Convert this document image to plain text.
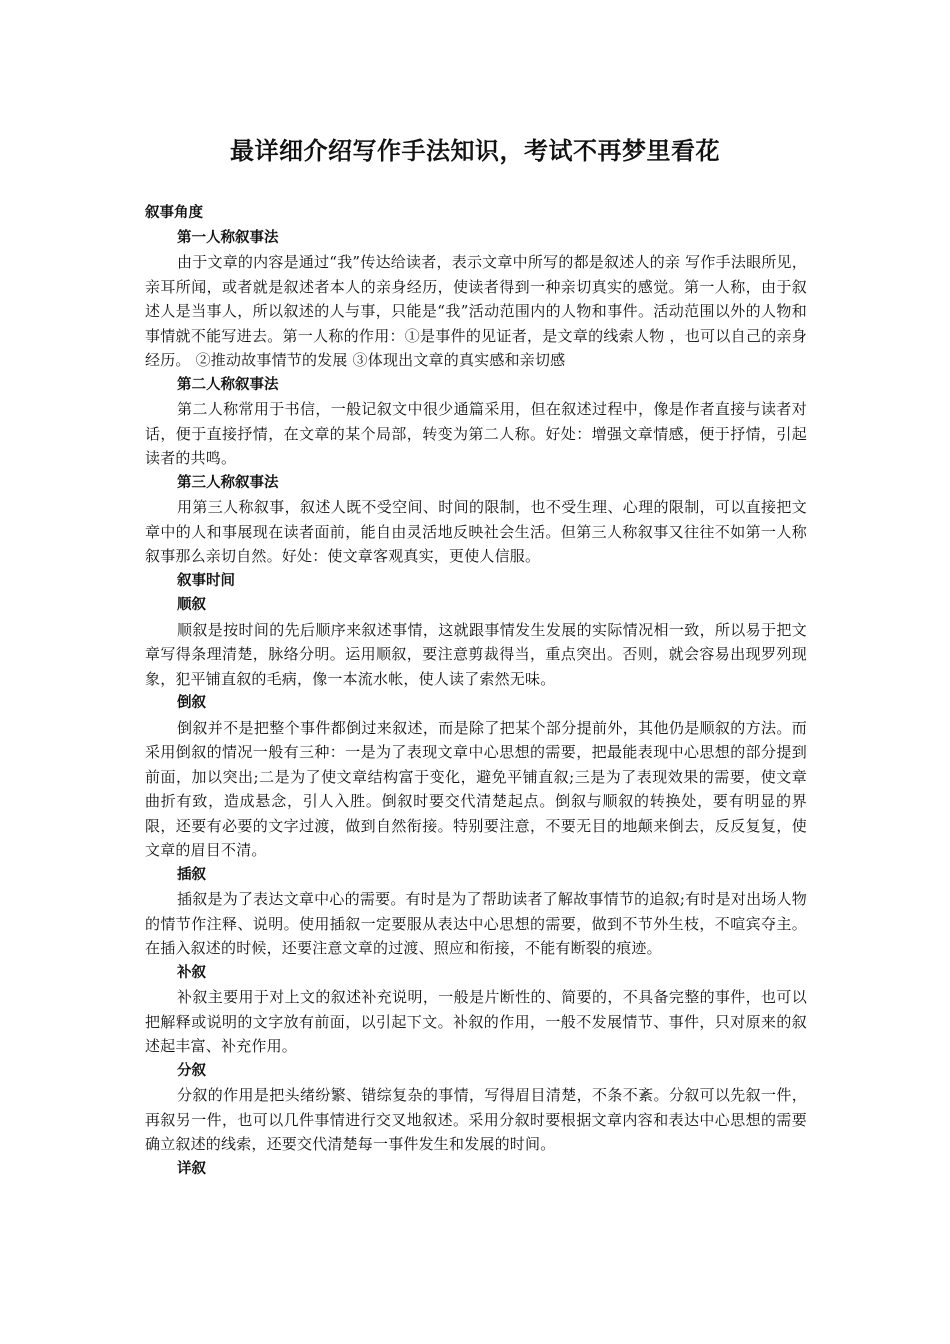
最详细介绍写作手法知识，考试不再梦里看花
叙事角度
第一人称叙事法

由于文章的内容是通过“我”传达给读者，表示文章中所写的都是叙述人的亲 写作手法眼所见，亲耳所闻，或者就是叙述者本人的亲身经历，使读者得到一种亲切真实的感觉。第一人称，由于叙述人是当事人，所以叙述的人与事，只能是“我”活动范围内的人物和事件。活动范围以外的人物和事情就不能写进去。第一人称的作用：①是事件的见证者，是文章的线索人物 ，也可以自己的亲身经历。 ②推动故事情节的发展 ③体现出文章的真实感和亲切感

第二人称叙事法

第二人称常用于书信，一般记叙文中很少通篇采用，但在叙述过程中，像是作者直接与读者对话，便于直接抒情，在文章的某个局部，转变为第二人称。好处：增强文章情感，便于抒情，引起读者的共鸣。

第三人称叙事法

用第三人称叙事，叙述人既不受空间、时间的限制，也不受生理、心理的限制，可以直接把文章中的人和事展现在读者面前，能自由灵活地反映社会生活。但第三人称叙事又往往不如第一人称叙事那么亲切自然。好处：使文章客观真实，更使人信服。

叙事时间
顺叙

顺叙是按时间的先后顺序来叙述事情，这就跟事情发生发展的实际情况相一致，所以易于把文章写得条理清楚，脉络分明。运用顺叙，要注意剪裁得当，重点突出。否则，就会容易出现罗列现象，犯平铺直叙的毛病，像一本流水帐，使人读了索然无味。

倒叙

倒叙并不是把整个事件都倒过来叙述，而是除了把某个部分提前外，其他仍是顺叙的方法。而采用倒叙的情况一般有三种：一是为了表现文章中心思想的需要，把最能表现中心思想的部分提到前面，加以突出;二是为了使文章结构富于变化，避免平铺直叙;三是为了表现效果的需要，使文章曲折有致，造成悬念，引人入胜。倒叙时要交代清楚起点。倒叙与顺叙的转换处，要有明显的界限，还要有必要的文字过渡，做到自然衔接。特别要注意，不要无目的地颠来倒去，反反复复，使文章的眉目不清。

插叙

插叙是为了表达文章中心的需要。有时是为了帮助读者了解故事情节的追叙;有时是对出场人物的情节作注释、说明。使用插叙一定要服从表达中心思想的需要，做到不节外生枝，不喧宾夺主。在插入叙述的时候，还要注意文章的过渡、照应和衔接，不能有断裂的痕迹。

补叙

补叙主要用于对上文的叙述补充说明，一般是片断性的、简要的，不具备完整的事件，也可以把解释或说明的文字放有前面，以引起下文。补叙的作用，一般不发展情节、事件，只对原来的叙述起丰富、补充作用。

分叙

分叙的作用是把头绪纷繁、错综复杂的事情，写得眉目清楚，不条不紊。分叙可以先叙一件，再叙另一件，也可以几件事情进行交叉地叙述。采用分叙时要根据文章内容和表达中心思想的需要确立叙述的线索，还要交代清楚每一事件发生和发展的时间。

详叙
